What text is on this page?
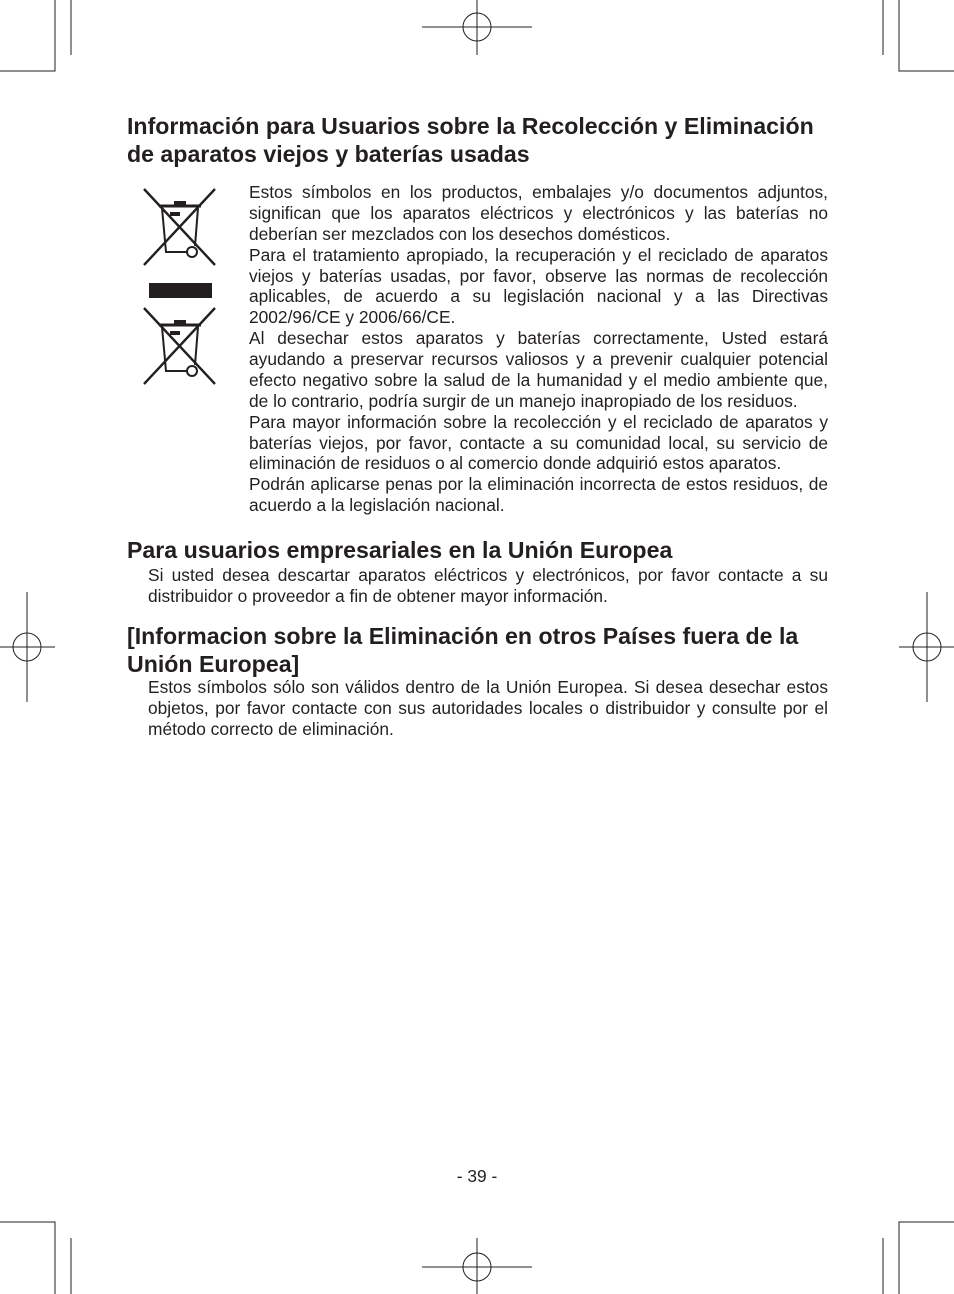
Información para Usuarios sobre la Recolección y Eliminación de aparatos viejos y baterías usadas

Estos símbolos en los productos, embalajes y/o documentos adjuntos, significan que los aparatos eléctricos y electrónicos y las baterías no deberían ser mezclados con los desechos domésticos.

Para el tratamiento apropiado, la recuperación y el reciclado de aparatos viejos y baterías usadas, por favor, observe las normas de recolección aplicables, de acuerdo a su legislación nacional y a las Directivas 2002/96/CE y 2006/66/CE.

Al desechar estos aparatos y baterías correctamente, Usted estará ayudando a preservar recursos valiosos y a prevenir cualquier potencial efecto negativo sobre la salud de la humanidad y el medio ambiente que, de lo contrario, podría surgir de un manejo inapropiado de los residuos.

Para mayor información sobre la recolección y el reciclado de aparatos y baterías viejos, por favor, contacte a su comunidad local, su servicio de eliminación de residuos o al comercio donde adquirió estos aparatos.

Podrán aplicarse penas por la eliminación incorrecta de estos residuos, de acuerdo a la legislación nacional.

Para usuarios empresariales en la Unión Europea

Si usted desea descartar aparatos eléctricos y electrónicos, por favor contacte a su distribuidor o proveedor a fin de obtener mayor información.

[Informacion sobre la Eliminación en otros Países fuera de la Unión Europea]

Estos símbolos sólo son válidos dentro de la Unión Europea. Si desea desechar estos objetos, por favor contacte con sus autoridades locales o distribuidor y consulte por el método correcto de eliminación.

- 39 -
